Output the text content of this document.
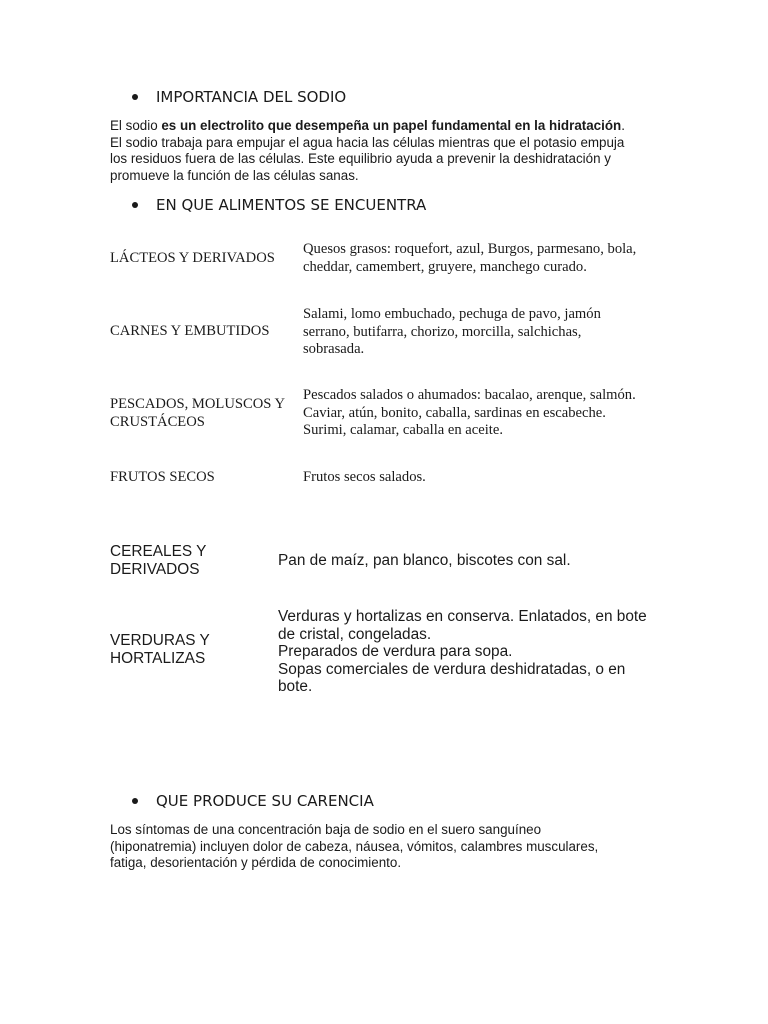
IMPORTANCIA DEL SODIO
El sodio es un electrolito que desempeña un papel fundamental en la hidratación.
El sodio trabaja para empujar el agua hacia las células mientras que el potasio empuja
los residuos fuera de las células. Este equilibrio ayuda a prevenir la deshidratación y
promueve la función de las células sanas.
EN QUE ALIMENTOS SE ENCUENTRA
LÁCTEOS Y DERIVADOS
Quesos grasos: roquefort, azul, Burgos, parmesano, bola,
cheddar, camembert, gruyere, manchego curado.
CARNES Y EMBUTIDOS
Salami, lomo embuchado, pechuga de pavo, jamón
serrano, butifarra, chorizo, morcilla, salchichas,
sobrasada.
PESCADOS, MOLUSCOS Y
CRUSTÁCEOS
Pescados salados o ahumados: bacalao, arenque, salmón.
Caviar, atún, bonito, caballa, sardinas en escabeche.
Surimi, calamar, caballa en aceite.
FRUTOS SECOS	Frutos secos salados.
CEREALES Y
DERIVADOS	Pan de maíz, pan blanco, biscotes con sal.
VERDURAS Y
HORTALIZAS
Verduras y hortalizas en conserva. Enlatados, en bote
de cristal, congeladas.
Preparados de verdura para sopa.
Sopas comerciales de verdura deshidratadas, o en
bote.
QUE PRODUCE SU CARENCIA
Los síntomas de una concentración baja de sodio en el suero sanguíneo
(hiponatremia) incluyen dolor de cabeza, náusea, vómitos, calambres musculares,
fatiga, desorientación y pérdida de conocimiento.
